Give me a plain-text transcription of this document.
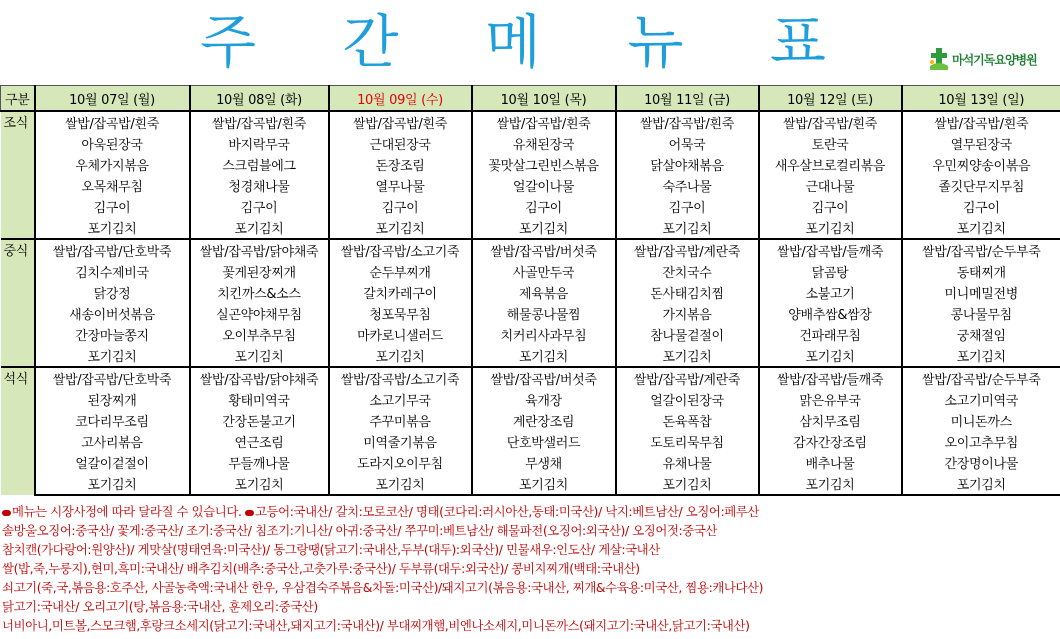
주 간 메 뉴 표	마석기독요양병원
구분	10월 07일 (월)	10월 08일 (화)	10월 09일 (수)	10월 10일 (목)	10월 11일 (금)	10월 12일 (토)	10월 13일 (일)
조식	쌀밥/잡곡밥/흰죽	쌀밥/잡곡밥/흰죽	쌀밥/잡곡밥/흰죽	쌀밥/잡곡밥/흰죽	쌀밥/잡곡밥/흰죽	쌀밥/잡곡밥/흰죽	쌀밥/잡곡밥/흰죽
	아욱된장국	바지락무국	근대된장국	유채된장국	어묵국	토란국	열무된장국
	우체가지볶음	스크럼블에그	돈장조림	꽃맛살그린빈스볶음	닭살야채볶음	새우살브로컬리볶음	우민찌양송이볶음
	오목채무침	청경채나물	열무나물	얼갈이나물	숙주나물	근대나물	졸깃단무지무침
	김구이	김구이	김구이	김구이	김구이	김구이	김구이
	포기김치	포기김치	포기김치	포기김치	포기김치	포기김치	포기김치
중식	쌀밥/잡곡밥/단호박죽	쌀밥/잡곡밥/닭야채죽	쌀밥/잡곡밥/소고기죽	쌀밥/잡곡밥/버섯죽	쌀밥/잡곡밥/계란죽	쌀밥/잡곡밥/들깨죽	쌀밥/잡곡밥/순두부죽
	김치수제비국	꽃게된장찌개	순두부찌개	사골만두국	잔치국수	닭곰탕	동태찌개
	닭강정	치킨까스&소스	갈치카레구이	제육볶음	돈사태김치찜	소불고기	미니메밀전병
	새송이버섯볶음	실곤약야채무침	청포묵무침	해물콩나물찜	가지볶음	양배추쌈&쌈장	콩나물무침
	간장마늘쫑지	오이부추무침	마카로니샐러드	치커리사과무침	참나물겉절이	건파래무침	궁채절임
	포기김치	포기김치	포기김치	포기김치	포기김치	포기김치	포기김치
석식	쌀밥/잡곡밥/단호박죽	쌀밥/잡곡밥/닭야채죽	쌀밥/잡곡밥/소고기죽	쌀밥/잡곡밥/버섯죽	쌀밥/잡곡밥/계란죽	쌀밥/잡곡밥/들깨죽	쌀밥/잡곡밥/순두부죽
	된장찌개	황태미역국	소고기무국	육개장	얼갈이된장국	맑은유부국	소고기미역국
	코다리무조림	간장돈불고기	주꾸미볶음	계란장조림	돈육폭찹	삼치무조림	미니돈까스
	고사리볶음	연근조림	미역줄기볶음	단호박샐러드	도토리묵무침	감자간장조림	오이고추무침
	얼갈이겉절이	무들깨나물	도라지오이무침	무생채	유채나물	배추나물	간장명이나물
	포기김치	포기김치	포기김치	포기김치	포기김치	포기김치	포기김치
메뉴는 시장사정에 따라 달라질 수 있습니다. 고등어:국내산/ 갈치:모로코산/ 명태(코다리:러시아산,동태:미국산)/ 낙지:베트남산/ 오징어:페루산
솔방울오징어:중국산/ 꽃게:중국산/ 조기:중국산/ 침조기:기니산/ 아귀:중국산/ 쭈꾸미:베트남산/ 해물파전(오징어:외국산)/ 오징어젓:중국산
참치캔(가다랑어:원양산)/ 게맛살(명태연육:미국산)/ 동그랑땡(닭고기:국내산,두부(대두):외국산)/ 민물새우:인도산/ 게살:국내산
쌀(밥,죽,누룽지),현미,흑미:국내산/ 배추김치(배추:중국산,고춧가루:중국산)/ 두부류(대두:외국산)/ 콩비지찌개(백태:국내산)
쇠고기(죽,국,볶음용:호주산, 사골농축액:국내산 한우, 우삼겹숙주볶음&차돌:미국산)/돼지고기(볶음용:국내산, 찌개&수육용:미국산, 찜용:캐나다산)
닭고기:국내산/ 오리고기(탕,볶음용:국내산, 훈제오리:중국산)
너비아니,미트볼,스모크햄,후랑크소세지(닭고기:국내산,돼지고기:국내산)/ 부대찌개햄,비엔나소세지,미니돈까스(돼지고기:국내산,닭고기:국내산)
